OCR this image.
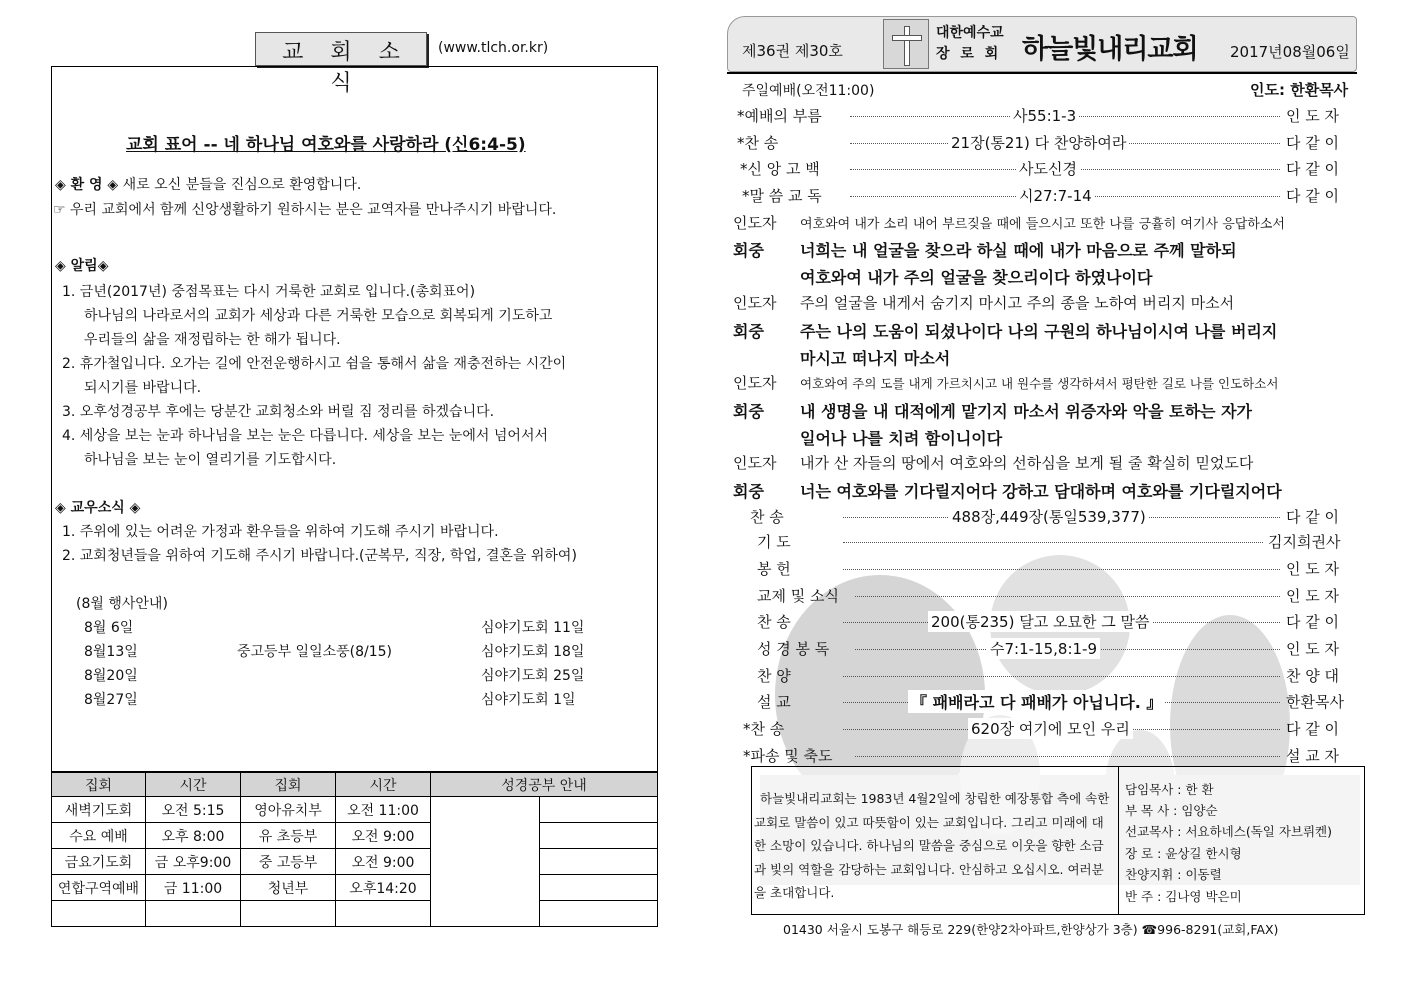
교 회 소 식
(www.tlch.or.kr)
교회 표어 -- 네 하나님 여호와를 사랑하라 (신6:4-5)
◈ 환 영 ◈ 새로 오신 분들을 진심으로 환영합니다.
☞ 우리 교회에서 함께 신앙생활하기 원하시는 분은 교역자를 만나주시기 바랍니다.
◈ 알림◈
1. 금년(2017년) 중점목표는 다시 거룩한 교회로 입니다.(총회표어)
하나님의 나라로서의 교회가 세상과 다른 거룩한 모습으로 회복되게 기도하고
우리들의 삶을 재정립하는 한 해가 됩니다.
2. 휴가철입니다. 오가는 길에 안전운행하시고 쉼을 통해서 삶을 재충전하는 시간이
되시기를 바랍니다.
3. 오후성경공부 후에는 당분간 교회청소와 버릴 짐 정리를 하겠습니다.
4. 세상을 보는 눈과 하나님을 보는 눈은 다릅니다. 세상을 보는 눈에서 넘어서서
하나님을 보는 눈이 열리기를 기도합시다.
◈ 교우소식 ◈
1. 주위에 있는 어려운 가정과 환우들을 위하여 기도해 주시기 바랍니다.
2. 교회청년들을 위하여 기도해 주시기 바랍니다.(군복무, 직장, 학업, 결혼을 위하여)
(8월 행사안내)
8월 6일	심야기도회 11일
8월13일	중고등부 일일소풍(8/15)	심야기도회 18일
8월20일	심야기도회 25일
8월27일	심야기도회 1일
집회	시간	집회	시간	성경공부 안내	
새벽기도회	오전 5:15	영아유치부	오전 11:00		
수요 예배	오후 8:00	유 초등부	오전 9:00		
금요기도회	금 오후9:00	중 고등부	오전 9:00		
연합구역예배	금 11:00	청년부	오후14:20		

제36권 제30호
대한예수교
장 로 회 하늘빛내리교회 2017년08월06일
주일예배(오전11:00)	인도: 한환목사
*예배의 부름	사55:1-3	인 도 자
*찬 송	21장(통21) 다 찬양하여라	다 같 이
*신 앙 고 백	사도신경	다 같 이
*말 씀 교 독	시27:7-14	다 같 이
인도자 여호와여 내가 소리 내어 부르짖을 때에 들으시고 또한 나를 긍휼히 여기사 응답하소서
회중 너희는 내 얼굴을 찾으라 하실 때에 내가 마음으로 주께 말하되
여호와여 내가 주의 얼굴을 찾으리이다 하였나이다
인도자 주의 얼굴을 내게서 숨기지 마시고 주의 종을 노하여 버리지 마소서
회중 주는 나의 도움이 되셨나이다 나의 구원의 하나님이시여 나를 버리지
마시고 떠나지 마소서
인도자 여호와여 주의 도를 내게 가르치시고 내 원수를 생각하셔서 평탄한 길로 나를 인도하소서
회중 내 생명을 내 대적에게 맡기지 마소서 위증자와 악을 토하는 자가
일어나 나를 치려 함이니이다
인도자 내가 산 자들의 땅에서 여호와의 선하심을 보게 될 줄 확실히 믿었도다
회중 너는 여호와를 기다릴지어다 강하고 담대하며 여호와를 기다릴지어다
찬 송	488장,449장(통일539,377)	다 같 이
기 도	김지희권사
봉 헌	인 도 자
교제 및 소식	인 도 자
찬 송	200(통235) 달고 오묘한 그 말씀	다 같 이
성 경 봉 독	수7:1-15,8:1-9	인 도 자
찬 양	찬 양 대
설 교	『 패배라고 다 패배가 아닙니다. 』	한환목사
*찬 송	620장 여기에 모인 우리	다 같 이
*파송 및 축도	설 교 자
하늘빛내리교회는 1983년 4월2일에 창립한 예장통합 측에 속한 교회로 말씀이 있고 따뜻함이 있는 교회입니다. 그리고 미래에 대한 소망이 있습니다. 하나님의 말씀을 중심으로 이웃을 향한 소금과 빛의 역할을 감당하는 교회입니다. 안심하고 오십시오. 여러분을 초대합니다.
담임목사 : 한 환
부 목 사 : 임양순
선교목사 : 서요하네스(독일 자브뤼켄)
장 로 : 윤상길 한시형
찬양지휘 : 이동렬
반 주 : 김나영 박은미
01430 서울시 도봉구 해등로 229(한양2차아파트,한양상가 3층) ☎996-8291(교회,FAX)
